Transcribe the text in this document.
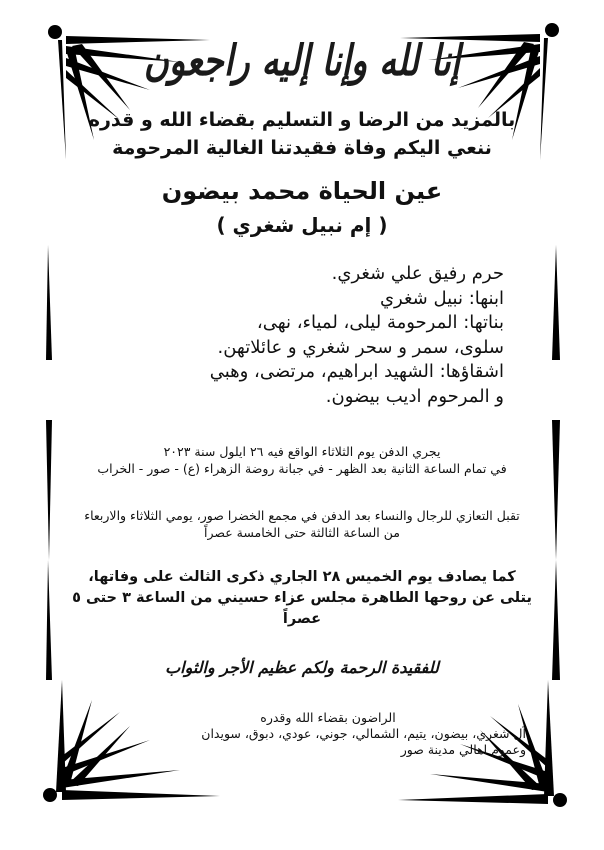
إنا لله وإنا إليه راجعون
بالمزيد من الرضا و التسليم بقضاء الله و قدره
ننعي اليكم وفاة فقيدتنا الغالية المرحومة
عين الحياة محمد بيضون
( إم نبيل شغري )
حرم رفيق علي شغري.
ابنها: نبيل شغري
بناتها: المرحومة ليلى، لمياء، نهى،
سلوى، سمر و سحر شغري و عائلاتهن.
اشقاؤها: الشهيد ابراهيم، مرتضى، وهبي
و المرحوم اديب بيضون.
يجري الدفن يوم الثلاثاء الواقع فيه ٢٦ ايلول سنة ٢٠٢٣
في تمام الساعة الثانية بعد الظهر - في جبانة روضة الزهراء (ع) - صور - الخراب
تقبل التعازي للرجال والنساء بعد الدفن في مجمع الخضرا صور، يومي الثلاثاء والاربعاء
من الساعة الثالثة حتى الخامسة عصراً
كما يصادف يوم الخميس ٢٨ الجاري ذكرى الثالث على وفاتها،
يتلى عن روحها الطاهرة مجلس عزاء حسيني من الساعة ٣ حتى ٥ عصراً
للفقيدة الرحمة ولكم عظيم الأجر والثواب
الراضون بقضاء الله وقدره
آل شغري، بيضون، يتيم، الشمالي، جوني، عودي، دبوق، سويدان
وعموم اهالي مدينة صور
